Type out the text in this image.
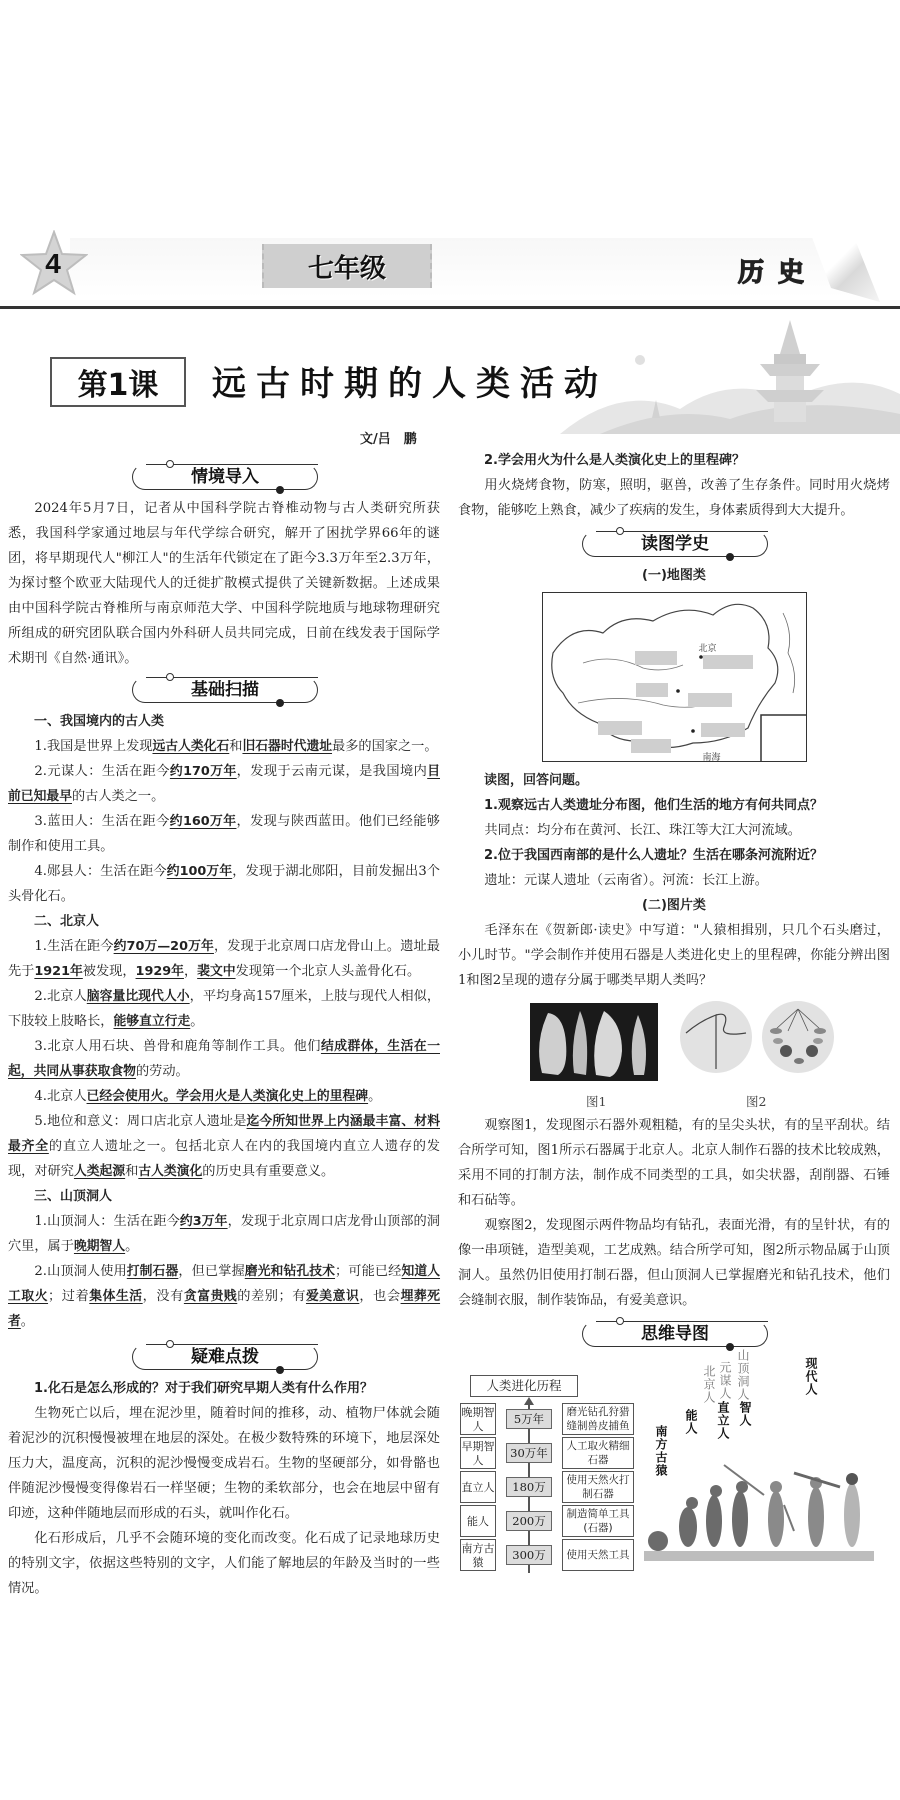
4	七年级	历史
第1课 远古时期的人类活动
文/吕　鹏
情境导入

2024年5月7日，记者从中国科学院古脊椎动物与古人类研究所获悉，我国科学家通过地层与年代学综合研究，解开了困扰学界66年的谜团，将早期现代人"柳江人"的生活年代锁定在了距今3.3万年至2.3万年，为探讨整个欧亚大陆现代人的迁徙扩散模式提供了关键新数据。上述成果由中国科学院古脊椎所与南京师范大学、中国科学院地质与地球物理研究所组成的研究团队联合国内外科研人员共同完成，日前在线发表于国际学术期刊《自然·通讯》。

基础扫描

一、我国境内的古人类

1.我国是世界上发现远古人类化石和旧石器时代遗址最多的国家之一。

2.元谋人：生活在距今约170万年，发现于云南元谋，是我国境内目前已知最早的古人类之一。

3.蓝田人：生活在距今约160万年，发现与陕西蓝田。他们已经能够制作和使用工具。

4.郧县人：生活在距今约100万年，发现于湖北郧阳，目前发掘出3个头骨化石。

二、北京人

1.生活在距今约70万—20万年，发现于北京周口店龙骨山上。遗址最先于1921年被发现，1929年，裴文中发现第一个北京人头盖骨化石。

2.北京人脑容量比现代人小，平均身高157厘米，上肢与现代人相似，下肢较上肢略长，能够直立行走。

3.北京人用石块、兽骨和鹿角等制作工具。他们结成群体，生活在一起，共同从事获取食物的劳动。

4.北京人已经会使用火。学会用火是人类演化史上的里程碑。

5.地位和意义：周口店北京人遗址是迄今所知世界上内涵最丰富、材料最齐全的直立人遗址之一。包括北京人在内的我国境内直立人遗存的发现，对研究人类起源和古人类演化的历史具有重要意义。

三、山顶洞人

1.山顶洞人：生活在距今约3万年，发现于北京周口店龙骨山顶部的洞穴里，属于晚期智人。

2.山顶洞人使用打制石器，但已掌握磨光和钻孔技术；可能已经知道人工取火；过着集体生活，没有贪富贵贱的差别；有爱美意识，也会埋葬死者。

疑难点拨

1.化石是怎么形成的？对于我们研究早期人类有什么作用？

生物死亡以后，埋在泥沙里，随着时间的推移，动、植物尸体就会随着泥沙的沉积慢慢被埋在地层的深处。在极少数特殊的环境下，地层深处压力大，温度高，沉积的泥沙慢慢变成岩石。生物的坚硬部分，如骨骼也伴随泥沙慢慢变得像岩石一样坚硬；生物的柔软部分，也会在地层中留有印迹，这种伴随地层而形成的石头，就叫作化石。

化石形成后，几乎不会随环境的变化而改变。化石成了记录地球历史的特别文字，依据这些特别的文字，人们能了解地层的年龄及当时的一些情况。

2.学会用火为什么是人类演化史上的里程碑？

用火烧烤食物，防寒，照明，驱兽，改善了生存条件。同时用火烧烤食物，能够吃上熟食，减少了疾病的发生，身体素质得到大大提升。

读图学史

(一)地图类

北京
南海

读图，回答问题。

1.观察远古人类遗址分布图，他们生活的地方有何共同点？

共同点：均分布在黄河、长江、珠江等大江大河流域。

2.位于我国西南部的是什么人遗址？生活在哪条河流附近？

遗址：元谋人遗址（云南省）。河流：长江上游。

(二)图片类

毛泽东在《贺新郎·读史》中写道："人猿相揖别，只几个石头磨过，小儿时节。"学会制作并使用石器是人类进化史上的里程碑，你能分辨出图1和图2呈现的遗存分属于哪类早期人类吗？

图1	图2

观察图1，发现图示石器外观粗糙，有的呈尖头状，有的呈平刮状。结合所学可知，图1所示石器属于北京人。北京人制作石器的技术比较成熟，采用不同的打制方法，制作成不同类型的工具，如尖状器，刮削器、石锤和石砧等。

观察图2，发现图示两件物品均有钻孔，表面光滑，有的呈针状，有的像一串项链，造型美观，工艺成熟。结合所学可知，图2所示物品属于山顶洞人。虽然仍旧使用打制石器，但山顶洞人已掌握磨光和钻孔技术，他们会缝制衣服，制作装饰品，有爱美意识。

思维导图
人类进化历程
晚期智人	5万年	磨光钻孔狩猎缝制兽皮捕鱼
早期智人	30万年	人工取火精细石器
直立人	180万	使用天然火打制石器
能人	200万	制造简单工具(石器)
南方古猿	300万	使用天然工具
南方古猿
能人
北京人 元谋人
直立人
山顶洞人
智人
现代人
